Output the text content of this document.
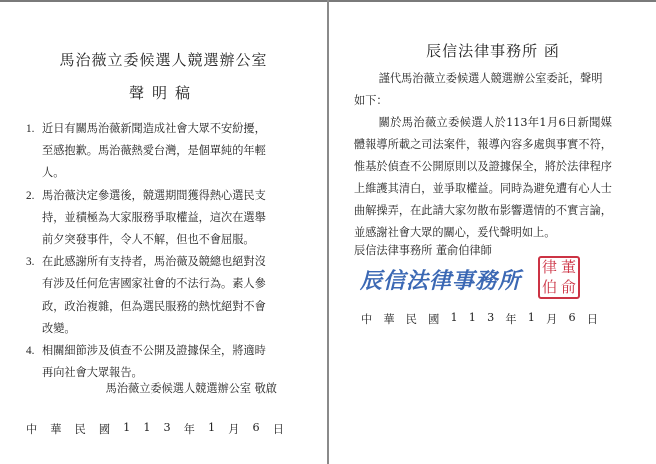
馬治薇立委候選人競選辦公室
聲明稿
1. 近日有關馬治薇新聞造成社會大眾不安紛擾，至感抱歉。馬治薇熱愛台灣，是個單純的年輕人。
2. 馬治薇決定參選後，競選期間獲得熱心選民支持，並積極為大家服務爭取權益，這次在選舉前夕突發事件，令人不解，但也不會屈服。
3. 在此感謝所有支持者，馬治薇及競總也絕對沒有涉及任何危害國家社會的不法行為。素人參政，政治複雜，但為選民服務的熱忱絕對不會改變。
4. 相關細節涉及偵查不公開及證據保全，將適時再向社會大眾報告。
馬治薇立委候選人競選辦公室 敬啟
中 華 民 國 1 1 3 年 1 月 6 日
辰信法律事務所 函
謹代馬治薇立委候選人競選辦公室委託，聲明如下：
關於馬治薇立委候選人於113年1月6日新聞媒體報導所載之司法案件，報導內容多處與事實不符，惟基於偵查不公開原則以及證據保全，將於法律程序上維護其清白，並爭取權益。同時為避免遭有心人士曲解操弄，在此請大家勿散布影響選情的不實言論，並感謝社會大眾的關心，爰代聲明如上。
辰信法律事務所 董俞伯律師
辰信法律事務所
律 董
伯 俞
中 華 民 國 1 1 3 年 1 月 6 日
